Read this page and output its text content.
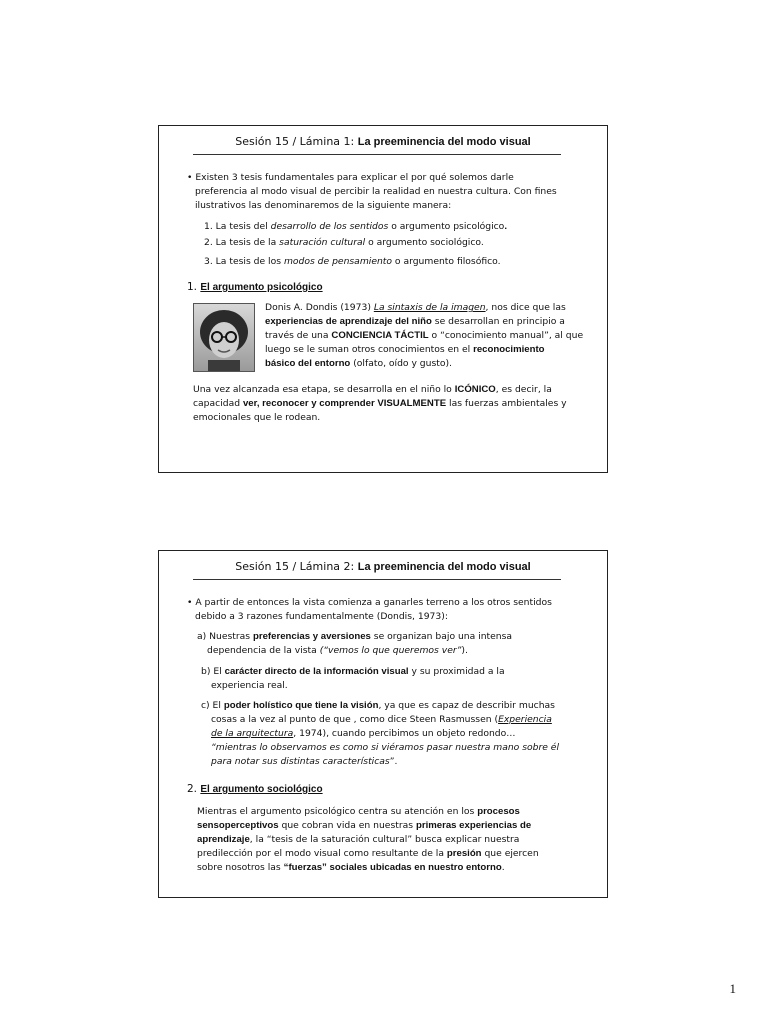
Sesión 15 / Lámina 1: La preeminencia del modo visual
• Existen 3 tesis fundamentales para explicar el por qué solemos darle
preferencia al modo visual de percibir la realidad en nuestra cultura. Con fines
ilustrativos las denominaremos de la siguiente manera:
1. La tesis del desarrollo de los sentidos o argumento psicológico.
2. La tesis de la saturación cultural o argumento sociológico.
3. La tesis de los modos de pensamiento o argumento filosófico.
1. El argumento psicológico
Donis A. Dondis (1973) La sintaxis de la imagen, nos dice que las
experiencias de aprendizaje del niño se desarrollan en principio a
través de una CONCIENCIA TÁCTIL o “conocimiento manual”, al que
luego se le suman otros conocimientos en el reconocimiento
básico del entorno (olfato, oído y gusto).
Una vez alcanzada esa etapa, se desarrolla en el niño lo ICÓNICO, es decir, la
capacidad ver, reconocer y comprender VISUALMENTE las fuerzas ambientales y
emocionales que le rodean.
Sesión 15 / Lámina 2: La preeminencia del modo visual
• A partir de entonces la vista comienza a ganarles terreno a los otros sentidos
debido a 3 razones fundamentalmente (Dondis, 1973):
a) Nuestras preferencias y aversiones se organizan bajo una intensa
dependencia de la vista (“vemos lo que queremos ver”).
b) El carácter directo de la información visual y su proximidad a la
experiencia real.
c) El poder holístico que tiene la visión, ya que es capaz de describir muchas
cosas a la vez al punto de que , como dice Steen Rasmussen (Experiencia
de la arquitectura, 1974), cuando percibimos un objeto redondo…
“mientras lo observamos es como si viéramos pasar nuestra mano sobre él
para notar sus distintas características”.
2. El argumento sociológico
Mientras el argumento psicológico centra su atención en los procesos
sensoperceptivos que cobran vida en nuestras primeras experiencias de
aprendizaje, la “tesis de la saturación cultural” busca explicar nuestra
predilección por el modo visual como resultante de la presión que ejercen
sobre nosotros las “fuerzas” sociales ubicadas en nuestro entorno.
1
